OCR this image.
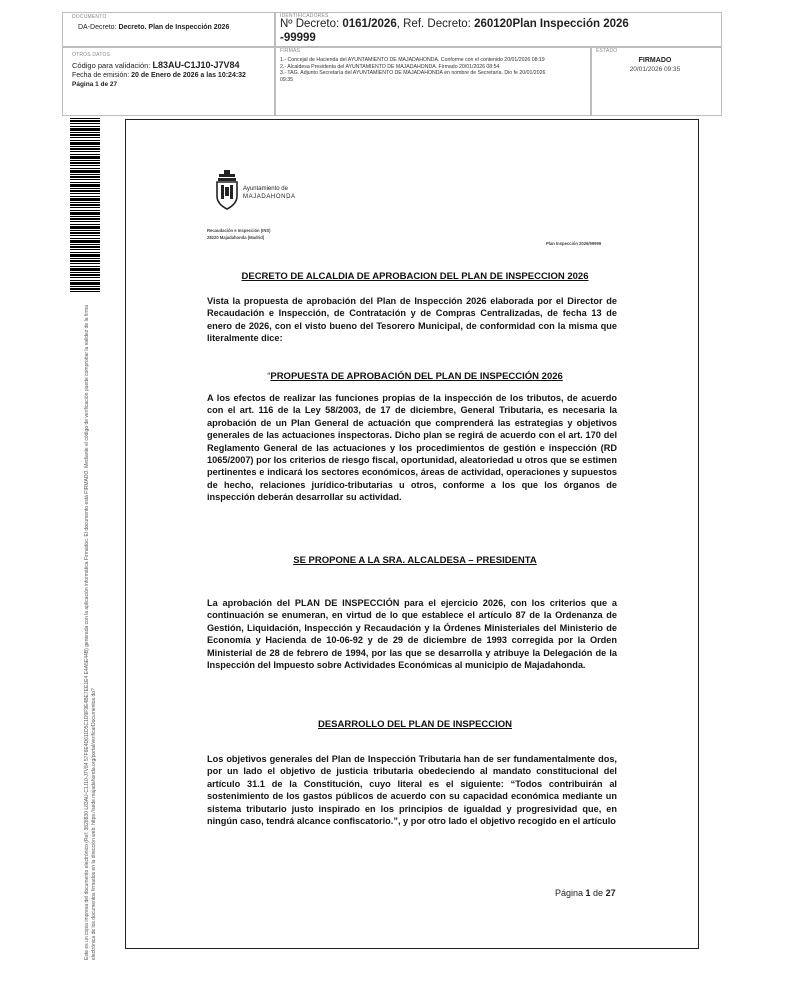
DOCUMENTO
DA-Decreto: Decreto. Plan de Inspección 2026
IDENTIFICADORES
Nº Decreto: 0161/2026, Ref. Decreto: 260120Plan Inspección 2026
-99999
OTROS DATOS
Código para validación: L83AU-C1J10-J7V84
Fecha de emisión: 20 de Enero de 2026 a las 10:24:32
Página 1 de 27
FIRMAS
1.- Concejal de Hacienda del AYUNTAMIENTO DE MAJADAHONDA. Conforme con el contenido 20/01/2026 08:19
2.- Alcaldesa Presidenta del AYUNTAMIENTO DE MAJADAHONDA. Firmado 20/01/2026 08:54
3.- TAG. Adjunto Secretaría del AYUNTAMIENTO DE MAJADAHONDA en nombre de Secretaría. Dio fe 20/01/2026
09:35
ESTADO
FIRMADO
20/01/2026 09:35
Este es un copia impresa del documento electrónico (Ref: 3828830 L83AU-C1J10-J7V84 57F6E4D611D5C1D9F9E4BE7EE1E4 E4A5E44B) generada con la aplicación informática Firmadoc. El documento está FIRMADO. Mediante el código de verificación puede comprobar la validez de la firma electrónica de los documentos firmados en la dirección web: https://sede.majadahonda.org/portal/verificarDocumentos.do?
Ayuntamiento de
MAJADAHONDA
Recaudación e Inspección (INS)
28220 Majadahonda (Madrid)
Plan Inspección 2026/99999
DECRETO DE ALCALDIA DE APROBACION DEL PLAN DE INSPECCION 2026
Vista la propuesta de aprobación del Plan de Inspección 2026 elaborada por el Director de Recaudación e Inspección, de Contratación y de Compras Centralizadas, de fecha 13 de enero de 2026, con el visto bueno del Tesorero Municipal, de conformidad con la misma que literalmente dice:
“PROPUESTA DE APROBACIÓN DEL PLAN DE INSPECCIÓN 2026
A los efectos de realizar las funciones propias de la inspección de los tributos, de acuerdo con el art. 116 de la Ley 58/2003, de 17 de diciembre, General Tributaria, es necesaria la aprobación de un Plan General de actuación que comprenderá las estrategias y objetivos generales de las actuaciones inspectoras. Dicho plan se regirá de acuerdo con el art. 170 del Reglamento General de las actuaciones y los procedimientos de gestión e inspección (RD 1065/2007) por los criterios de riesgo fiscal, oportunidad, aleatoriedad u otros que se estimen pertinentes e indicará los sectores económicos, áreas de actividad, operaciones y supuestos de hecho, relaciones jurídico-tributarias u otros, conforme a los que los órganos de inspección deberán desarrollar su actividad.
SE PROPONE A LA SRA. ALCALDESA – PRESIDENTA
La aprobación del PLAN DE INSPECCIÓN para el ejercicio 2026, con los criterios que a continuación se enumeran, en virtud de lo que establece el artículo 87 de la Ordenanza de Gestión, Liquidación, Inspección y Recaudación y la Órdenes Ministeriales del Ministerio de Economía y Hacienda de 10-06-92 y de 29 de diciembre de 1993 corregida por la Orden Ministerial de 28 de febrero de 1994, por las que se desarrolla y atribuye la Delegación de la Inspección del Impuesto sobre Actividades Económicas al municipio de Majadahonda.
DESARROLLO DEL PLAN DE INSPECCION
Los objetivos generales del Plan de Inspección Tributaria han de ser fundamentalmente dos, por un lado el objetivo de justicia tributaria obedeciendo al mandato constitucional del artículo 31.1 de la Constitución, cuyo literal es el siguiente: “Todos contribuirán al sostenimiento de los gastos públicos de acuerdo con su capacidad económica mediante un sistema tributario justo inspirado en los principios de igualdad y progresividad que, en ningún caso, tendrá alcance confiscatorio.”, y por otro lado el objetivo recogido en el artículo
Página 1 de 27
